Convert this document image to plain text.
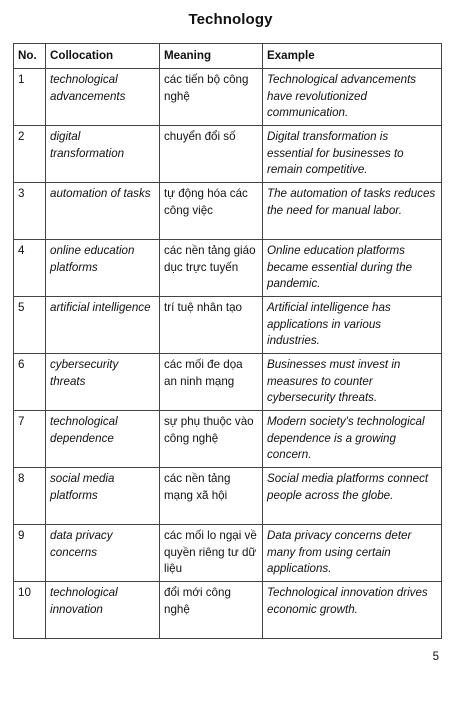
Technology
No.	Collocation	Meaning	Example
1	technological advancements	các tiến bộ công nghệ	Technological advancements have revolutionized communication.
2	digital transformation	chuyển đổi số	Digital transformation is essential for businesses to remain competitive.
3	automation of tasks	tự động hóa các công việc	The automation of tasks reduces the need for manual labor.
4	online education platforms	các nền tảng giáo dục trực tuyến	Online education platforms became essential during the pandemic.
5	artificial intelligence	trí tuệ nhân tạo	Artificial intelligence has applications in various industries.
6	cybersecurity threats	các mối đe dọa an ninh mạng	Businesses must invest in measures to counter cybersecurity threats.
7	technological dependence	sự phụ thuộc vào công nghệ	Modern society's technological dependence is a growing concern.
8	social media platforms	các nền tảng mạng xã hội	Social media platforms connect people across the globe.
9	data privacy concerns	các mối lo ngại về quyền riêng tư dữ liệu	Data privacy concerns deter many from using certain applications.
10	technological innovation	đổi mới công nghệ	Technological innovation drives economic growth.
5
